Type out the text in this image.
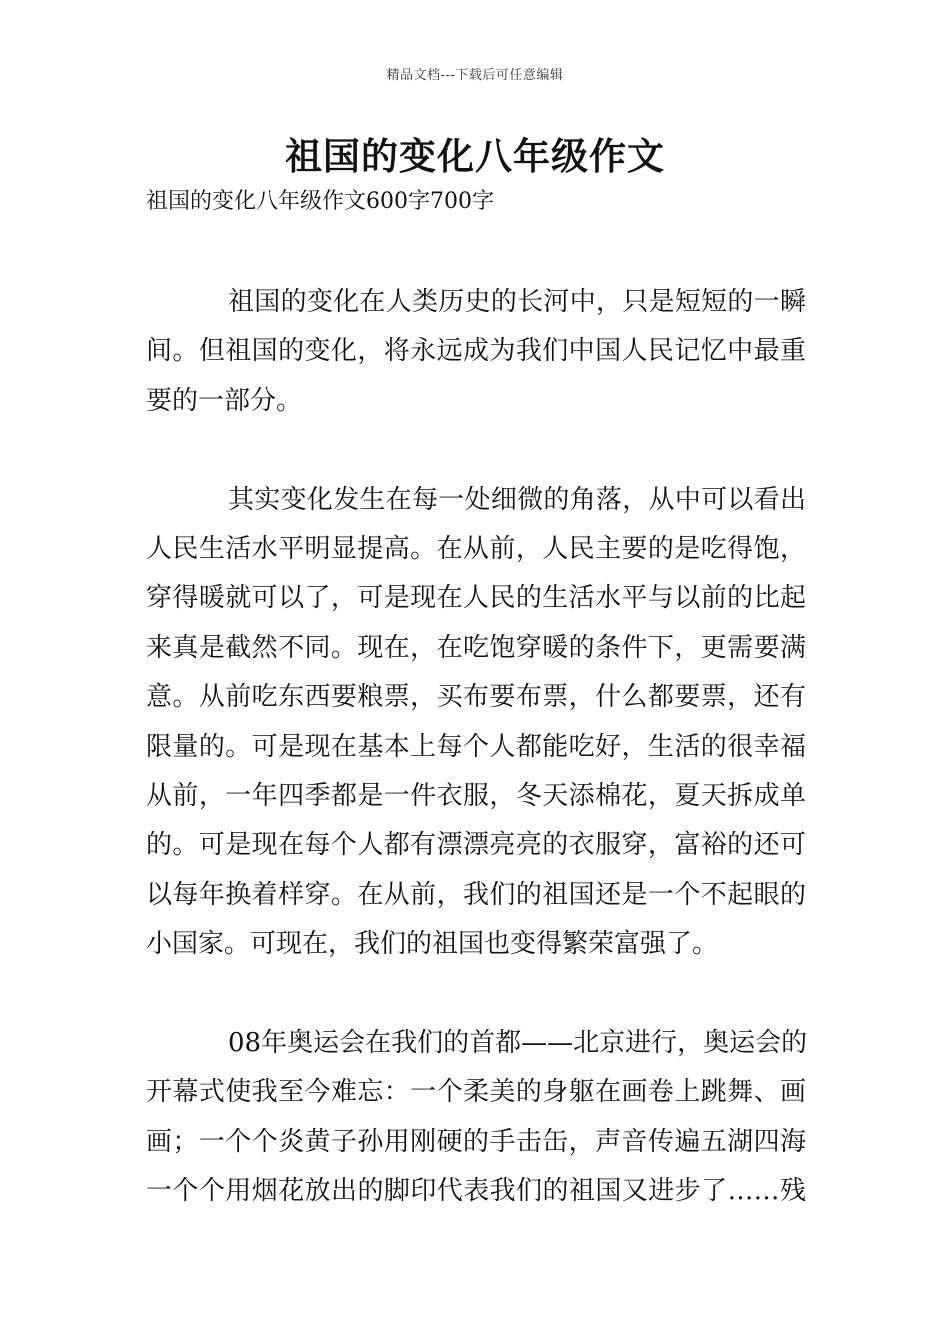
精品文档---下载后可任意编辑
祖国的变化八年级作文
祖国的变化八年级作文600字700字
祖国的变化在人类历史的长河中，只是短短的一瞬
间。但祖国的变化，将永远成为我们中国人民记忆中最重
要的一部分。
其实变化发生在每一处细微的角落，从中可以看出
人民生活水平明显提高。在从前，人民主要的是吃得饱，
穿得暖就可以了，可是现在人民的生活水平与以前的比起
来真是截然不同。现在，在吃饱穿暖的条件下，更需要满
意。从前吃东西要粮票，买布要布票，什么都要票，还有
限量的。可是现在基本上每个人都能吃好，生活的很幸福
从前，一年四季都是一件衣服，冬天添棉花，夏天拆成单
的。可是现在每个人都有漂漂亮亮的衣服穿，富裕的还可
以每年换着样穿。在从前，我们的祖国还是一个不起眼的
小国家。可现在，我们的祖国也变得繁荣富强了。
08年奥运会在我们的首都——北京进行，奥运会的
开幕式使我至今难忘：一个柔美的身躯在画卷上跳舞、画
画；一个个炎黄子孙用刚硬的手击缶，声音传遍五湖四海
一个个用烟花放出的脚印代表我们的祖国又进步了……残
